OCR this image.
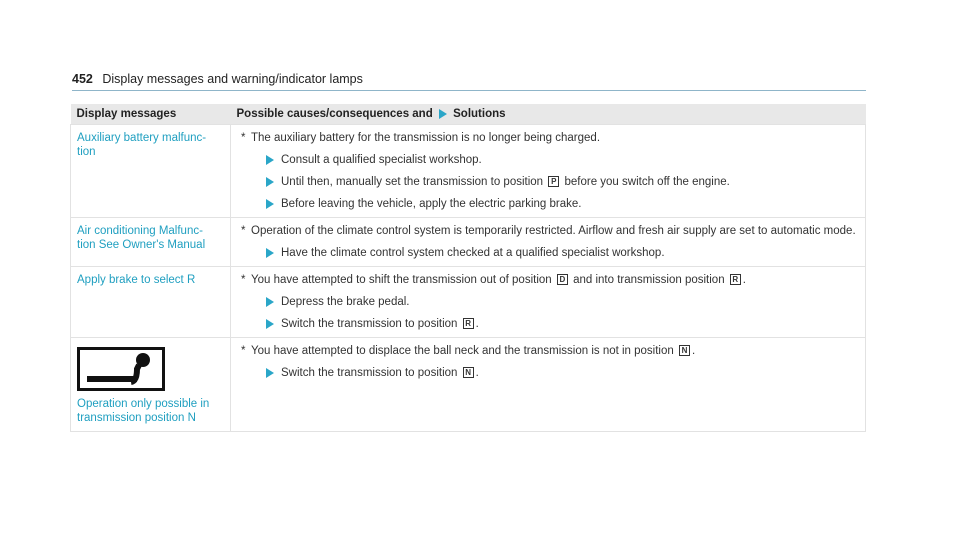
452 Display messages and warning/indicator lamps
Display messages	Possible causes/consequences and Solutions
Auxiliary battery malfunc- tion	* The auxiliary battery for the transmission is no longer being charged.
Consult a qualified specialist workshop.
Until then, manually set the transmission to position P before you switch off the engine.
Before leaving the vehicle, apply the electric parking brake.

Air conditioning Malfunc- tion See Owner's Manual	* Operation of the climate control system is temporarily restricted. Airflow and fresh air supply are set to automatic mode.
Have the climate control system checked at a qualified specialist workshop.

Apply brake to select R	* You have attempted to shift the transmission out of position D and into transmission position R .
Depress the brake pedal.
Switch the transmission to position R .

Operation only possible in transmission position N	* You have attempted to displace the ball neck and the transmission is not in position N .
Switch the transmission to position N .
